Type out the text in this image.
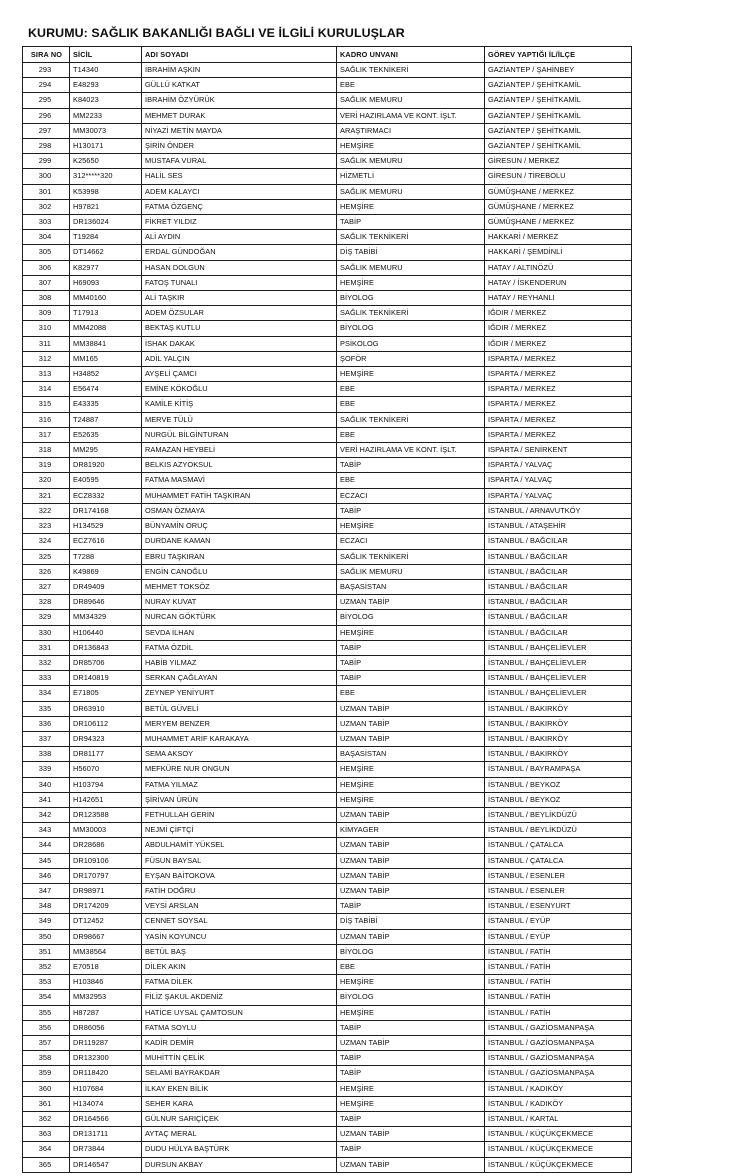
KURUMU: SAĞLIK BAKANLIĞI BAĞLI VE İLGİLİ KURULUŞLAR
SIRA NO	SİCİL	ADI SOYADI	KADRO UNVANI	GÖREV YAPTIĞI İL/İLÇE
293	T14340	İBRAHİM AŞKIN	SAĞLIK TEKNİKERİ	GAZİANTEP / ŞAHİNBEY
294	E48293	GÜLLÜ KATKAT	EBE	GAZİANTEP / ŞEHİTKAMİL
295	K84023	İBRAHİM ÖZYÜRÜK	SAĞLIK MEMURU	GAZİANTEP / ŞEHİTKAMİL
296	MM2233	MEHMET DURAK	VERİ HAZIRLAMA VE KONT. İŞLT.	GAZİANTEP / ŞEHİTKAMİL
297	MM30073	NİYAZİ METİN MAYDA	ARAŞTIRMACI	GAZİANTEP / ŞEHİTKAMİL
298	H130171	ŞİRİN ÖNDER	HEMŞİRE	GAZİANTEP / ŞEHİTKAMİL
299	K25650	MUSTAFA VURAL	SAĞLIK MEMURU	GİRESUN / MERKEZ
300	312*****320	HALİL SES	HİZMETLİ	GİRESUN / TİREBOLU
301	K53998	ADEM KALAYCI	SAĞLIK MEMURU	GÜMÜŞHANE / MERKEZ
302	H97821	FATMA ÖZGENÇ	HEMŞİRE	GÜMÜŞHANE / MERKEZ
303	DR136024	FİKRET YILDIZ	TABİP	GÜMÜŞHANE / MERKEZ
304	T19284	ALİ AYDIN	SAĞLIK TEKNİKERİ	HAKKARİ / MERKEZ
305	DT14662	ERDAL GÜNDOĞAN	DİŞ TABİBİ	HAKKARİ / ŞEMDİNLİ
306	K82977	HASAN DOLGUN	SAĞLIK MEMURU	HATAY / ALTINÖZÜ
307	H69093	FATOŞ TUNALI	HEMŞİRE	HATAY / İSKENDERUN
308	MM40160	ALİ TAŞKIR	BİYOLOG	HATAY / REYHANLI
309	T17913	ADEM ÖZSULAR	SAĞLIK TEKNİKERİ	IĞDIR / MERKEZ
310	MM42088	BEKTAŞ KUTLU	BİYOLOG	IĞDIR / MERKEZ
311	MM38841	İSHAK DAKAK	PSİKOLOG	IĞDIR / MERKEZ
312	MM165	ADİL YALÇIN	ŞOFÖR	ISPARTA / MERKEZ
313	H34852	AYŞELİ ÇAMCI	HEMŞİRE	ISPARTA / MERKEZ
314	E56474	EMİNE KÖKOĞLU	EBE	ISPARTA / MERKEZ
315	E43335	KAMİLE KİTİŞ	EBE	ISPARTA / MERKEZ
316	T24887	MERVE TÜLÜ	SAĞLIK TEKNİKERİ	ISPARTA / MERKEZ
317	E52635	NURGÜL BİLGİNTURAN	EBE	ISPARTA / MERKEZ
318	MM295	RAMAZAN HEYBELİ	VERİ HAZIRLAMA VE KONT. İŞLT.	ISPARTA / SENİRKENT
319	DR81920	BELKIS AZYOKSUL	TABİP	ISPARTA / YALVAÇ
320	E40595	FATMA MASMAVİ	EBE	ISPARTA / YALVAÇ
321	ECZ8332	MUHAMMET FATİH TAŞKIRAN	ECZACI	ISPARTA / YALVAÇ
322	DR174168	OSMAN ÖZMAYA	TABİP	İSTANBUL / ARNAVUTKÖY
323	H134529	BÜNYAMİN ORUÇ	HEMŞİRE	İSTANBUL / ATAŞEHİR
324	ECZ7616	DURDANE KAMAN	ECZACI	İSTANBUL / BAĞCILAR
325	T7288	EBRU TAŞKIRAN	SAĞLIK TEKNİKERİ	İSTANBUL / BAĞCILAR
326	K49869	ENGİN CANOĞLU	SAĞLIK MEMURU	İSTANBUL / BAĞCILAR
327	DR49409	MEHMET TOKSÖZ	BAŞASİSTAN	İSTANBUL / BAĞCILAR
328	DR89646	NURAY KUVAT	UZMAN TABİP	İSTANBUL / BAĞCILAR
329	MM34329	NURCAN GÖKTÜRK	BİYOLOG	İSTANBUL / BAĞCILAR
330	H106440	SEVDA İLHAN	HEMŞİRE	İSTANBUL / BAĞCILAR
331	DR136843	FATMA ÖZDİL	TABİP	İSTANBUL / BAHÇELİEVLER
332	DR85706	HABİB YILMAZ	TABİP	İSTANBUL / BAHÇELİEVLER
333	DR140819	SERKAN ÇAĞLAYAN	TABİP	İSTANBUL / BAHÇELİEVLER
334	E71805	ZEYNEP YENİYURT	EBE	İSTANBUL / BAHÇELİEVLER
335	DR63910	BETÜL GÜVELİ	UZMAN TABİP	İSTANBUL / BAKIRKÖY
336	DR106112	MERYEM BENZER	UZMAN TABİP	İSTANBUL / BAKIRKÖY
337	DR94323	MUHAMMET ARİF KARAKAYA	UZMAN TABİP	İSTANBUL / BAKIRKÖY
338	DR81177	SEMA AKSOY	BAŞASİSTAN	İSTANBUL / BAKIRKÖY
339	H56070	MEFKÜRE NUR ONGUN	HEMŞİRE	İSTANBUL / BAYRAMPAŞA
340	H103794	FATMA YILMAZ	HEMŞİRE	İSTANBUL / BEYKOZ
341	H142651	ŞİRİVAN ÜRÜN	HEMŞİRE	İSTANBUL / BEYKOZ
342	DR123588	FETHULLAH GERİN	UZMAN TABİP	İSTANBUL / BEYLİKDÜZÜ
343	MM30003	NEJMİ ÇİFTÇİ	KİMYAGER	İSTANBUL / BEYLİKDÜZÜ
344	DR28686	ABDULHAMİT YÜKSEL	UZMAN TABİP	İSTANBUL / ÇATALCA
345	DR109106	FÜSUN BAYSAL	UZMAN TABİP	İSTANBUL / ÇATALCA
346	DR170797	EYŞAN BAİTOKOVA	UZMAN TABİP	İSTANBUL / ESENLER
347	DR98971	FATİH DOĞRU	UZMAN TABİP	İSTANBUL / ESENLER
348	DR174209	VEYSİ ARSLAN	TABİP	İSTANBUL / ESENYURT
349	DT12452	CENNET SOYSAL	DİŞ TABİBİ	İSTANBUL / EYÜP
350	DR98667	YASİN KOYUNCU	UZMAN TABİP	İSTANBUL / EYÜP
351	MM38564	BETÜL BAŞ	BİYOLOG	İSTANBUL / FATİH
352	E70518	DİLEK AKIN	EBE	İSTANBUL / FATİH
353	H103846	FATMA DİLEK	HEMŞİRE	İSTANBUL / FATİH
354	MM32953	FİLİZ ŞAKUL AKDENİZ	BİYOLOG	İSTANBUL / FATİH
355	H87287	HATİCE UYSAL ÇAMTOSUN	HEMŞİRE	İSTANBUL / FATİH
356	DR86056	FATMA SOYLU	TABİP	İSTANBUL / GAZİOSMANPAŞA
357	DR119287	KADİR DEMİR	UZMAN TABİP	İSTANBUL / GAZİOSMANPAŞA
358	DR132300	MUHİTTİN ÇELİK	TABİP	İSTANBUL / GAZİOSMANPAŞA
359	DR118420	SELAMİ BAYRAKDAR	TABİP	İSTANBUL / GAZİOSMANPAŞA
360	H107684	İLKAY EKEN BİLİK	HEMŞİRE	İSTANBUL / KADIKÖY
361	H134074	SEHER KARA	HEMŞİRE	İSTANBUL / KADIKÖY
362	DR164566	GÜLNUR SARIÇİÇEK	TABİP	İSTANBUL / KARTAL
363	DR131711	AYTAÇ MERAL	UZMAN TABİP	İSTANBUL / KÜÇÜKÇEKMECE
364	DR73844	DUDU HÜLYA BAŞTÜRK	TABİP	İSTANBUL / KÜÇÜKÇEKMECE
365	DR146547	DURSUN AKBAY	UZMAN TABİP	İSTANBUL / KÜÇÜKÇEKMECE
